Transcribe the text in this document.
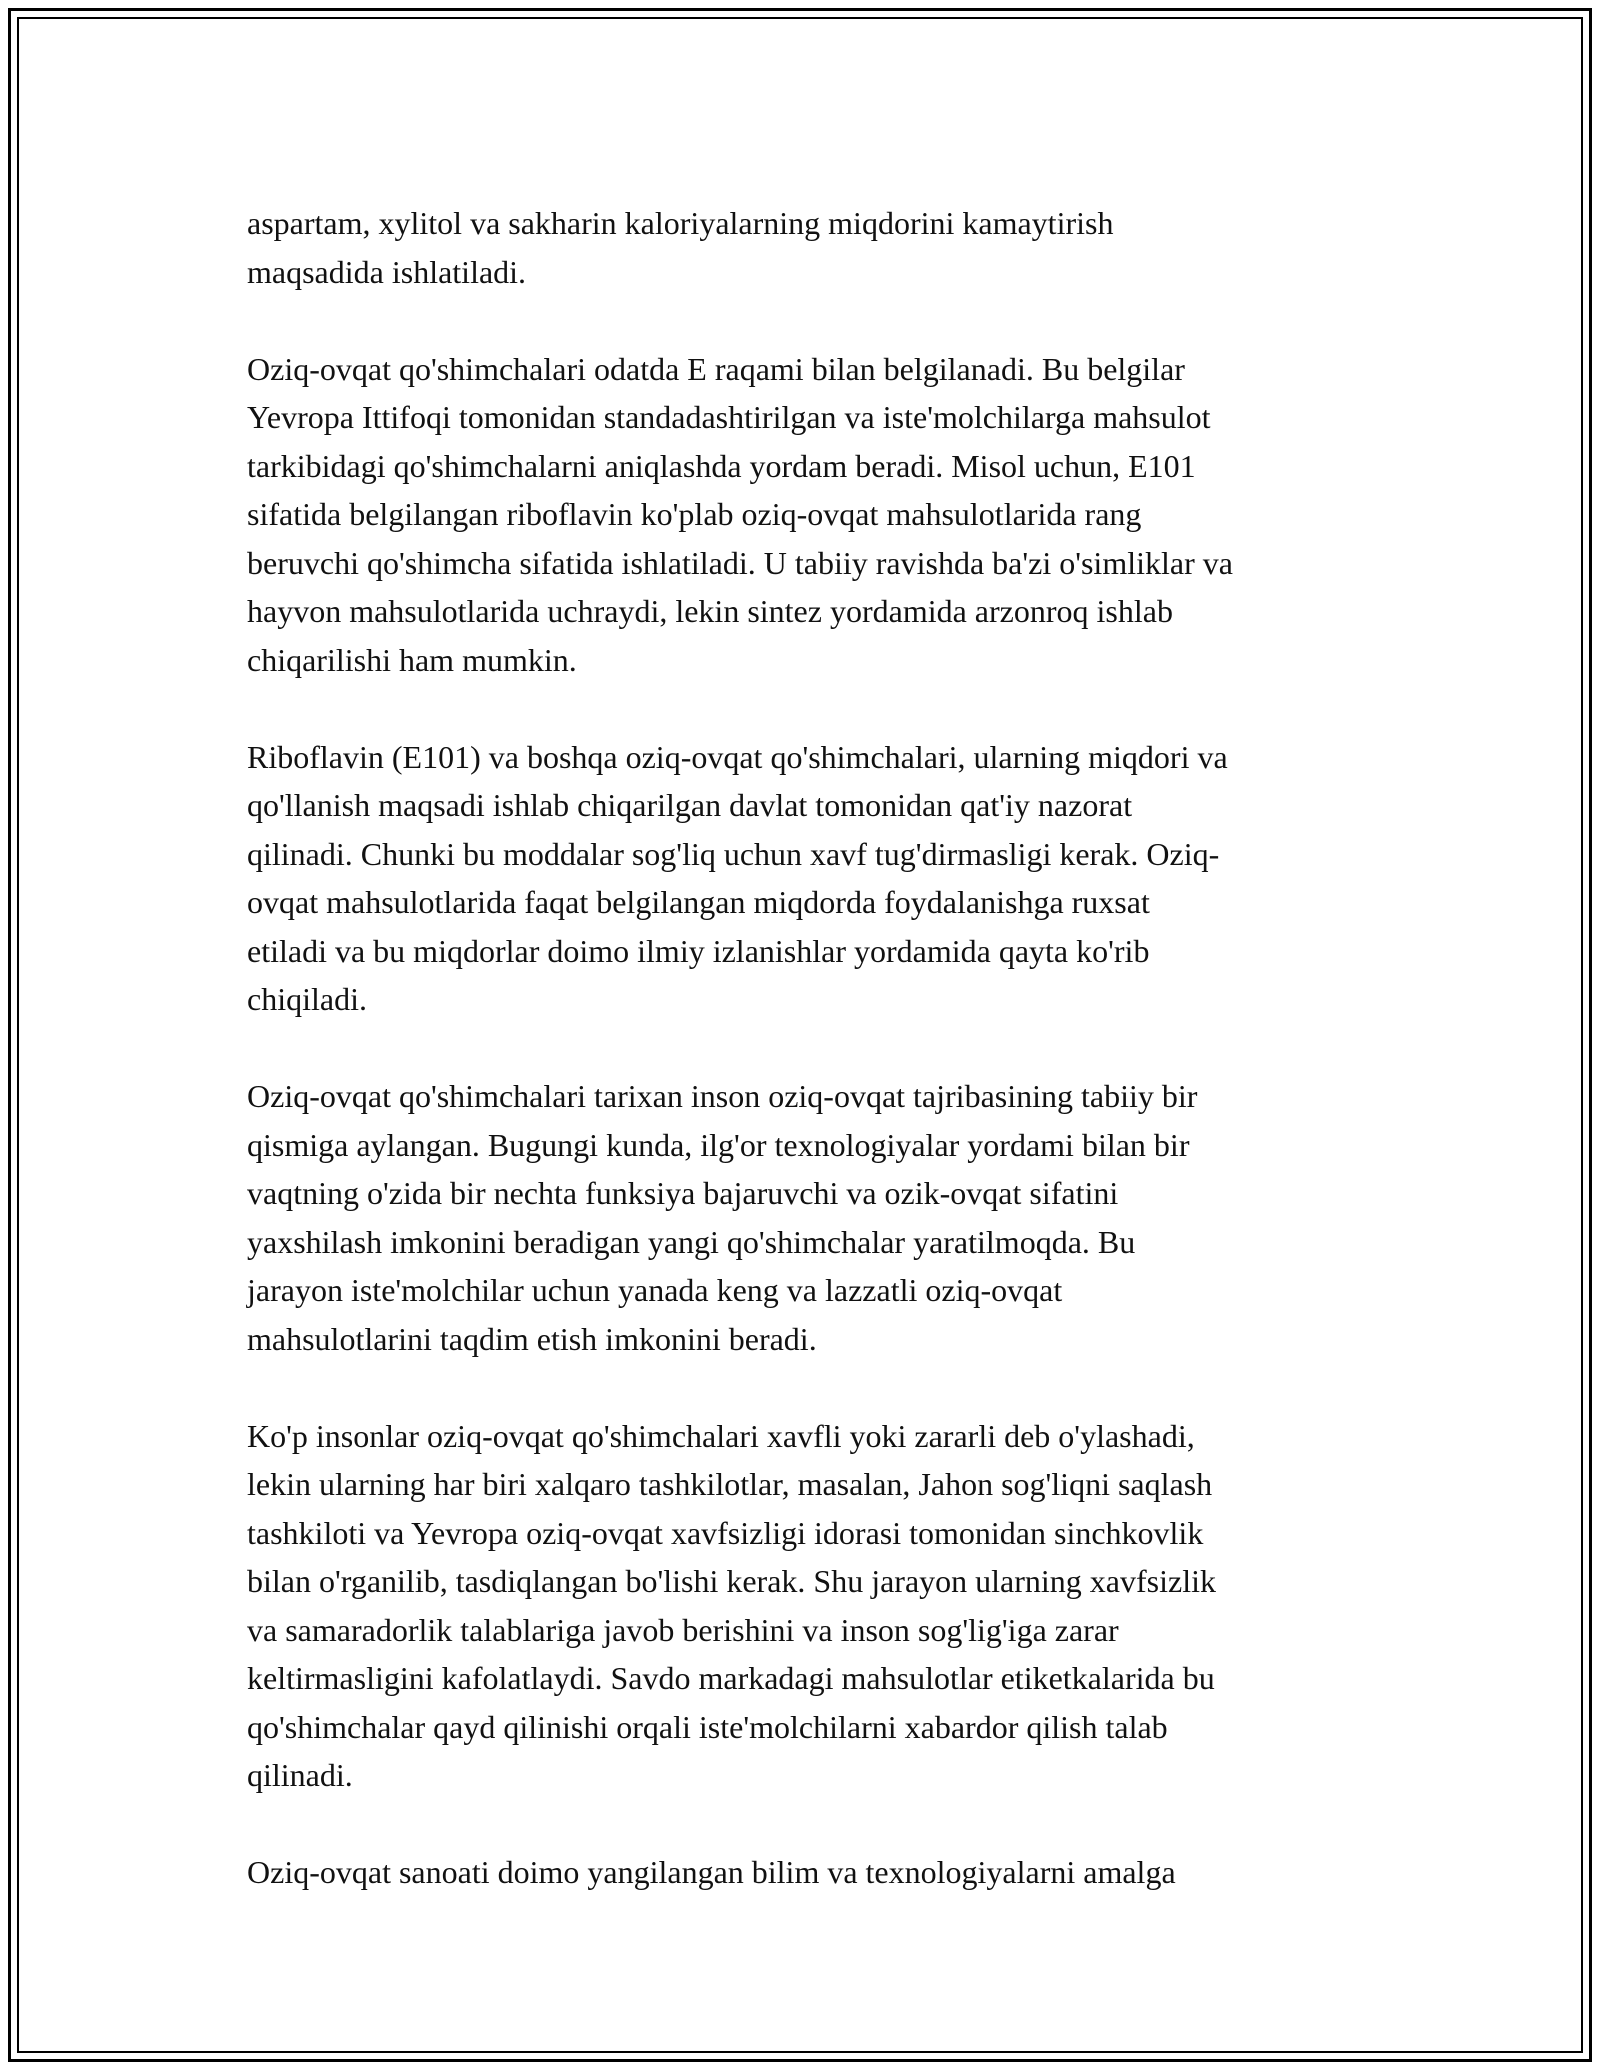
aspartam, xylitol va sakharin kaloriyalarning miqdorini kamaytirish
maqsadida ishlatiladi.

Oziq-ovqat qo'shimchalari odatda E raqami bilan belgilanadi. Bu belgilar
Yevropa Ittifoqi tomonidan standadashtirilgan va iste'molchilarga mahsulot
tarkibidagi qo'shimchalarni aniqlashda yordam beradi. Misol uchun, E101
sifatida belgilangan riboflavin ko'plab oziq-ovqat mahsulotlarida rang
beruvchi qo'shimcha sifatida ishlatiladi. U tabiiy ravishda ba'zi o'simliklar va
hayvon mahsulotlarida uchraydi, lekin sintez yordamida arzonroq ishlab
chiqarilishi ham mumkin.

Riboflavin (E101) va boshqa oziq-ovqat qo'shimchalari, ularning miqdori va
qo'llanish maqsadi ishlab chiqarilgan davlat tomonidan qat'iy nazorat
qilinadi. Chunki bu moddalar sog'liq uchun xavf tug'dirmasligi kerak. Oziq-
ovqat mahsulotlarida faqat belgilangan miqdorda foydalanishga ruxsat
etiladi va bu miqdorlar doimo ilmiy izlanishlar yordamida qayta ko'rib
chiqiladi.

Oziq-ovqat qo'shimchalari tarixan inson oziq-ovqat tajribasining tabiiy bir
qismiga aylangan. Bugungi kunda, ilg'or texnologiyalar yordami bilan bir
vaqtning o'zida bir nechta funksiya bajaruvchi va ozik-ovqat sifatini
yaxshilash imkonini beradigan yangi qo'shimchalar yaratilmoqda. Bu
jarayon iste'molchilar uchun yanada keng va lazzatli oziq-ovqat
mahsulotlarini taqdim etish imkonini beradi.

Ko'p insonlar oziq-ovqat qo'shimchalari xavfli yoki zararli deb o'ylashadi,
lekin ularning har biri xalqaro tashkilotlar, masalan, Jahon sog'liqni saqlash
tashkiloti va Yevropa oziq-ovqat xavfsizligi idorasi tomonidan sinchkovlik
bilan o'rganilib, tasdiqlangan bo'lishi kerak. Shu jarayon ularning xavfsizlik
va samaradorlik talablariga javob berishini va inson sog'lig'iga zarar
keltirmasligini kafolatlaydi. Savdo markadagi mahsulotlar etiketkalarida bu
qo'shimchalar qayd qilinishi orqali iste'molchilarni xabardor qilish talab
qilinadi.

Oziq-ovqat sanoati doimo yangilangan bilim va texnologiyalarni amalga
